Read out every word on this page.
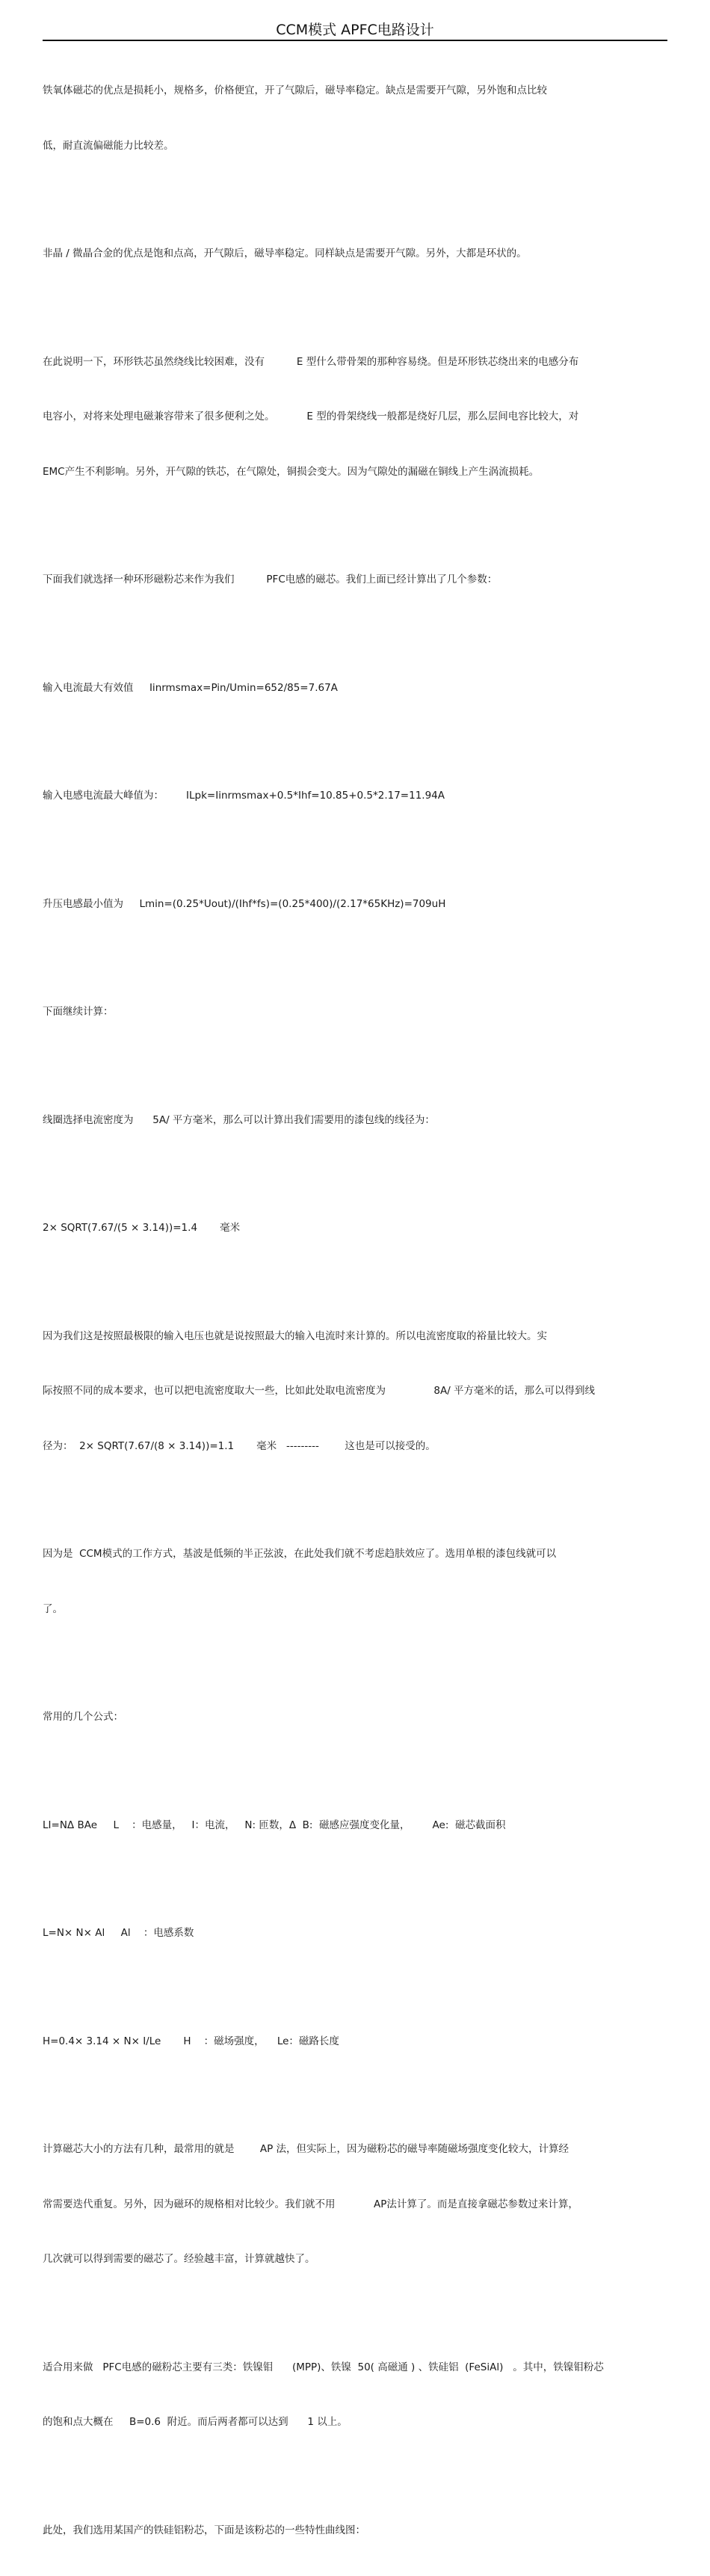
CCM模式 APFC电路设计

铁氧体磁芯的优点是损耗小，规格多，价格便宜，开了气隙后，磁导率稳定。缺点是需要开气隙，另外饱和点比较

低，耐直流偏磁能力比较差。

非晶 / 微晶合金的优点是饱和点高，开气隙后，磁导率稳定。同样缺点是需要开气隙。另外，大都是环状的。

在此说明一下，环形铁芯虽然绕线比较困难，没有          E 型什么带骨架的那种容易绕。但是环形铁芯绕出来的电感分布

电容小，对将来处理电磁兼容带来了很多便利之处。          E 型的骨架绕线一般都是绕好几层，那么层间电容比较大，对

EMC产生不利影响。另外，开气隙的铁芯，在气隙处，铜损会变大。因为气隙处的漏磁在铜线上产生涡流损耗。

下面我们就选择一种环形磁粉芯来作为我们          PFC电感的磁芯。我们上面已经计算出了几个参数：

输入电流最大有效值     Iinrmsmax=Pin/Umin=652/85=7.67A

输入电感电流最大峰值为：       ILpk=Iinrmsmax+0.5*Ihf=10.85+0.5*2.17=11.94A

升压电感最小值为     Lmin=(0.25*Uout)/(Ihf*fs)=(0.25*400)/(2.17*65KHz)=709uH

下面继续计算：

线圈选择电流密度为      5A/ 平方毫米，那么可以计算出我们需要用的漆包线的线径为：

2× SQRT(7.67/(5 × 3.14))=1.4       毫米

因为我们这是按照最极限的输入电压也就是说按照最大的输入电流时来计算的。所以电流密度取的裕量比较大。实

际按照不同的成本要求，也可以把电流密度取大一些，比如此处取电流密度为               8A/ 平方毫米的话，那么可以得到线

径为：  2× SQRT(7.67/(8 × 3.14))=1.1       毫米   ---------        这也是可以接受的。

因为是  CCM模式的工作方式，基波是低频的半正弦波，在此处我们就不考虑趋肤效应了。选用单根的漆包线就可以

了。

常用的几个公式：

LI=NΔ BAe     L    ：电感量，   I：电流，   N: 匝数，Δ  B:  磁感应强度变化量，       Ae:  磁芯截面积

L=N× N× Al     Al    ：电感系数

H=0.4× 3.14 × N× I/Le       H    ：磁场强度，    Le：磁路长度

计算磁芯大小的方法有几种，最常用的就是        AP 法，但实际上，因为磁粉芯的磁导率随磁场强度变化较大，计算经

常需要迭代重复。另外，因为磁环的规格相对比较少。我们就不用            AP法计算了。而是直接拿磁芯参数过来计算，

几次就可以得到需要的磁芯了。经验越丰富，计算就越快了。

适合用来做   PFC电感的磁粉芯主要有三类：铁镍钼      (MPP)、铁镍  50( 高磁通 ) 、铁硅铝  (FeSiAl)   。其中，铁镍钼粉芯

的饱和点大概在     B=0.6  附近。而后两者都可以达到      1 以上。

此处，我们选用某国产的铁硅铝粉芯，下面是该粉芯的一些特性曲线图：
